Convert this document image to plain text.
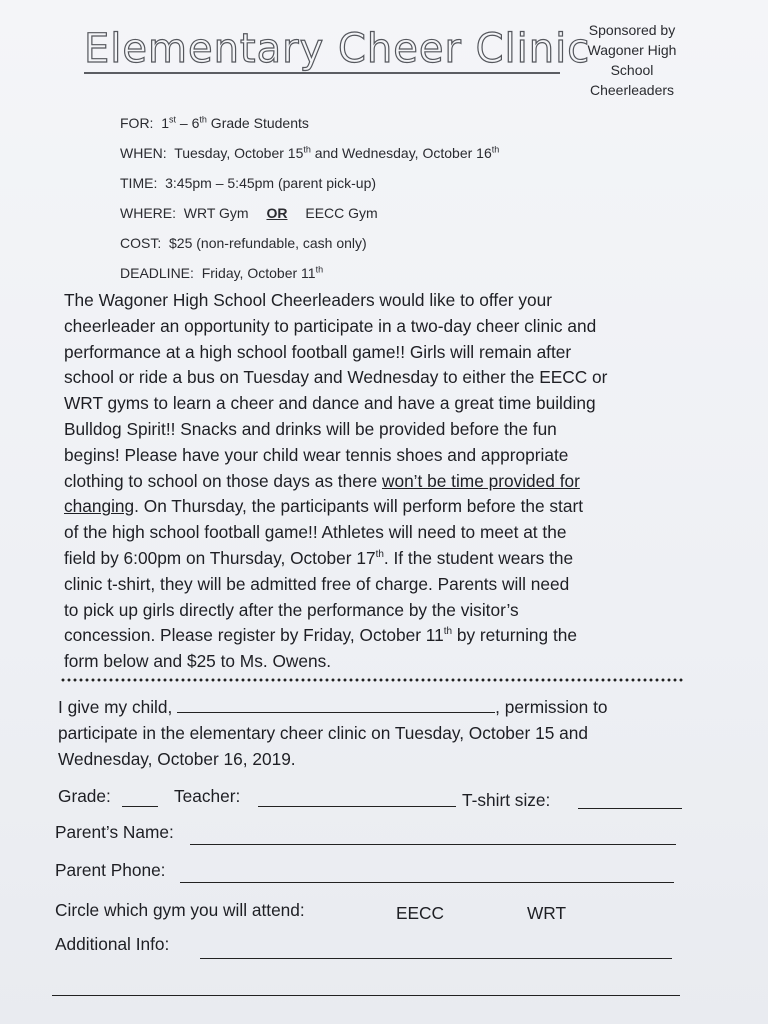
Elementary Cheer Clinic
Sponsored by
Wagoner High
School
Cheerleaders
FOR: 1st – 6th Grade Students
WHEN: Tuesday, October 15th and Wednesday, October 16th
TIME: 3:45pm – 5:45pm (parent pick-up)
WHERE: WRT Gym OR EECC Gym
COST: $25 (non-refundable, cash only)
DEADLINE: Friday, October 11th
The Wagoner High School Cheerleaders would like to offer your
cheerleader an opportunity to participate in a two-day cheer clinic and
performance at a high school football game!! Girls will remain after
school or ride a bus on Tuesday and Wednesday to either the EECC or
WRT gyms to learn a cheer and dance and have a great time building
Bulldog Spirit!! Snacks and drinks will be provided before the fun
begins! Please have your child wear tennis shoes and appropriate
clothing to school on those days as there won’t be time provided for
changing. On Thursday, the participants will perform before the start
of the high school football game!! Athletes will need to meet at the
field by 6:00pm on Thursday, October 17th. If the student wears the
clinic t-shirt, they will be admitted free of charge. Parents will need
to pick up girls directly after the performance by the visitor’s
concession. Please register by Friday, October 11th by returning the
form below and $25 to Ms. Owens.
I give my child,	, permission to
participate in the elementary cheer clinic on Tuesday, October 15 and
Wednesday, October 16, 2019.
Grade:	Teacher:	T-shirt size:
Parent’s Name:
Parent Phone:
Circle which gym you will attend:	EECC	WRT
Additional Info:
